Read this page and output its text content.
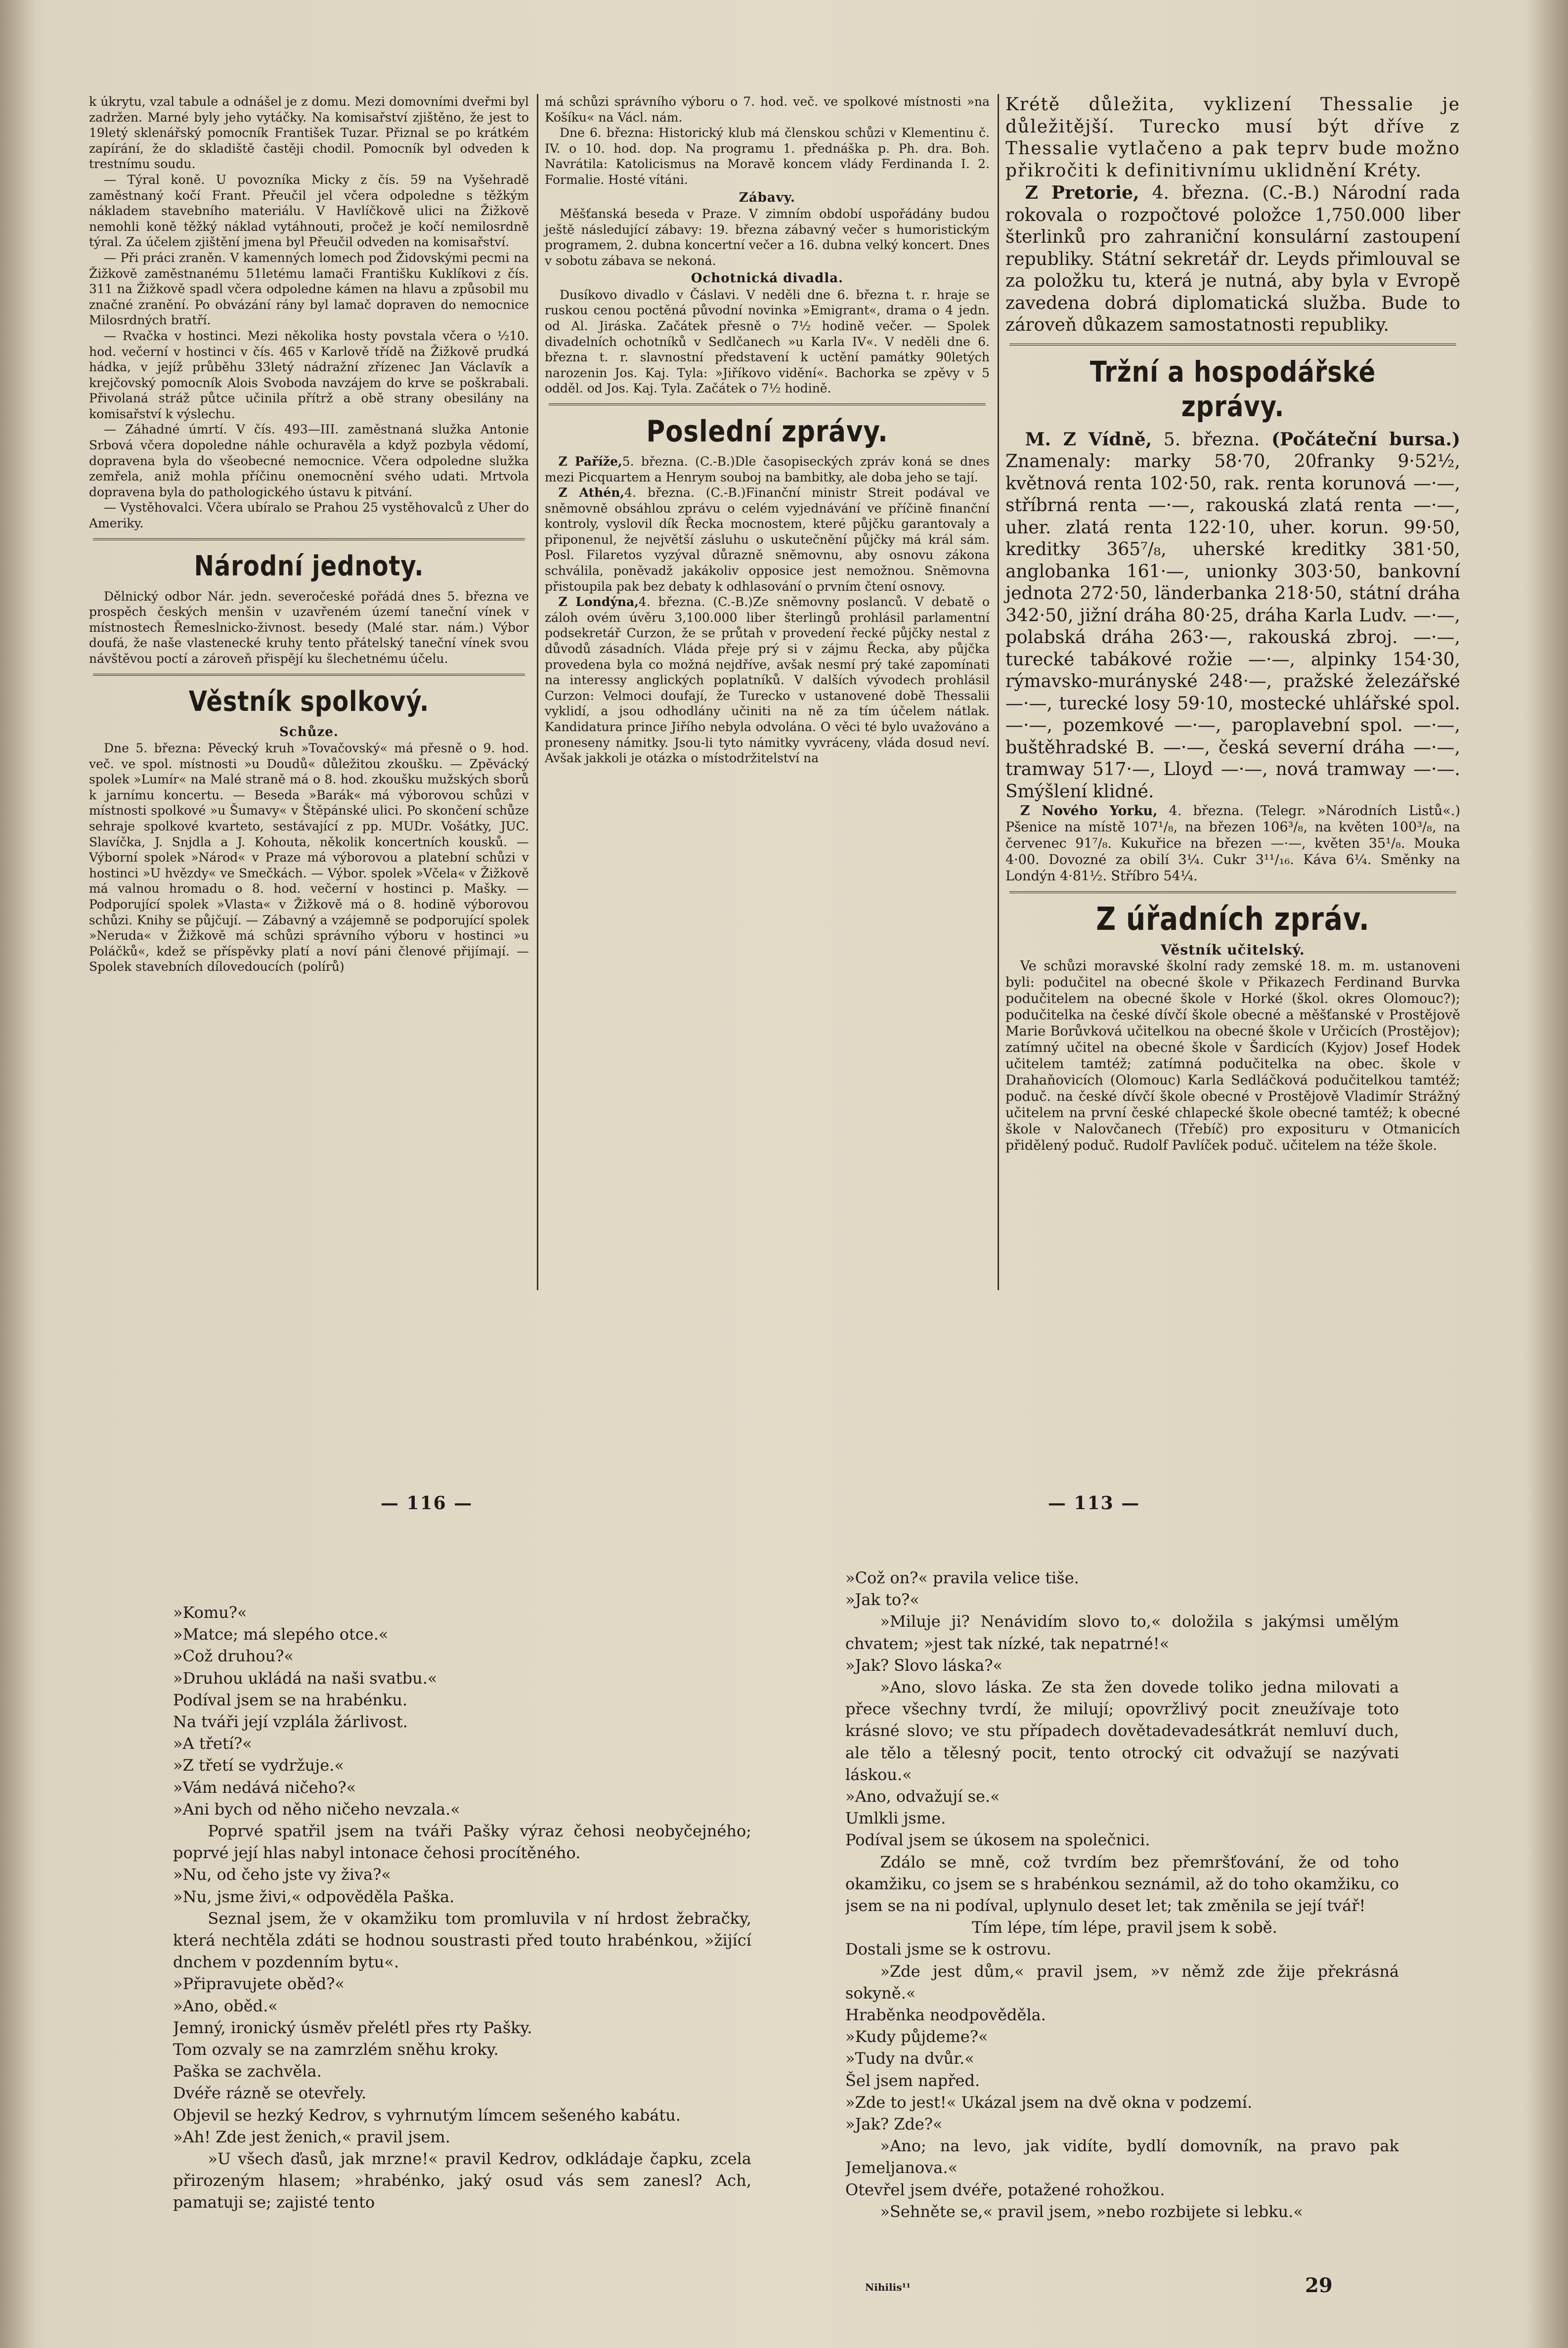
k úkrytu, vzal tabule a odnášel je z domu. Mezi domovními dveřmi byl zadržen. Marné byly jeho vytáčky. Na komisařství zjištěno, že jest to 19letý sklenářský pomocník František Tuzar. Přiznal se po krátkém zapírání, že do skladiště častěji chodil. Pomocník byl odveden k trestnímu soudu.

— Týral koně. U povozníka Micky z čís. 59 na Vyšehradě zaměstnaný kočí Frant. Přeučil jel včera odpoledne s těžkým nákladem stavebního materiálu. V Havlíčkově ulici na Žižkově nemohli koně těžký náklad vytáhnouti, pročež je kočí nemilosrdně týral. Za účelem zjištění jmena byl Přeučil odveden na komisařství.

— Při práci zraněn. V kamenných lomech pod Židovskými pecmi na Žižkově zaměstnanému 51letému lamači Františku Kuklíkovi z čís. 311 na Žižkově spadl včera odpoledne kámen na hlavu a způsobil mu značné zranění. Po obvázání rány byl lamač dopraven do nemocnice Milosrdných bratří.

— Rvačka v hostinci. Mezi několika hosty povstala včera o ½10. hod. večerní v hostinci v čís. 465 v Karlově třídě na Žižkově prudká hádka, v jejíž průběhu 33letý nádražní zřízenec Jan Václavík a krejčovský pomocník Alois Svoboda navzájem do krve se poškrabali. Přivolaná stráž půtce učinila přítrž a obě strany obesilány na komisařství k výslechu.

— Záhadné úmrtí. V čís. 493—III. zaměstnaná služka Antonie Srbová včera dopoledne náhle ochuravěla a když pozbyla vědomí, dopravena byla do všeobecné nemocnice. Včera odpoledne služka zemřela, aniž mohla příčinu onemocnění svého udati. Mrtvola dopravena byla do pathologického ústavu k pitvání.

— Vystěhovalci. Včera ubíralo se Prahou 25 vystěhovalců z Uher do Ameriky.

Národní jednoty.

Dělnický odbor Nár. jedn. severočeské pořádá dnes 5. března ve prospěch českých menšin v uzavřeném území taneční vínek v místnostech Řemeslnicko-živnost. besedy (Malé star. nám.) Výbor doufá, že naše vlastenecké kruhy tento přátelský taneční vínek svou návštěvou poctí a zároveň přispějí ku šlechetnému účelu.

Věstník spolkový.
Schůze.

Dne 5. března: Pěvecký kruh »Tovačovský« má přesně o 9. hod. več. ve spol. místnosti »u Doudů« důležitou zkoušku. — Zpěvácký spolek »Lumír« na Malé straně má o 8. hod. zkoušku mužských sborů k jarnímu koncertu. — Beseda »Barák« má výborovou schůzi v místnosti spolkové »u Šumavy« v Štěpánské ulici. Po skončení schůze sehraje spolkové kvarteto, sestávající z pp. MUDr. Vošátky, JUC. Slavíčka, J. Snjdla a J. Kohouta, několik koncertních kousků. — Výborní spolek »Národ« v Praze má výborovou a platební schůzi v hostinci »U hvězdy« ve Smečkách. — Výbor. spolek »Včela« v Žižkově má valnou hromadu o 8. hod. večerní v hostinci p. Mašky. — Podporující spolek »Vlasta« v Žižkově má o 8. hodině výborovou schůzi. Knihy se půjčují. — Zábavný a vzájemně se podporující spolek »Neruda« v Žižkově má schůzi správního výboru v hostinci »u Poláčků«, kdež se příspěvky platí a noví páni členové přijímají. — Spolek stavebních dílovedoucích (polírů)

má schůzi správního výboru o 7. hod. več. ve spolkové místnosti »na Košíku« na Václ. nám.

Dne 6. března: Historický klub má členskou schůzi v Klementinu č. IV. o 10. hod. dop. Na programu 1. přednáška p. Ph. dra. Boh. Navrátila: Katolicismus na Moravě koncem vlády Ferdinanda I. 2. Formalie. Hosté vítáni.

Zábavy.

Měšťanská beseda v Praze. V zimním období uspořádány budou ještě následující zábavy: 19. března zábavný večer s humoristickým programem, 2. dubna koncertní večer a 16. dubna velký koncert. Dnes v sobotu zábava se nekoná.

Ochotnická divadla.

Dusíkovo divadlo v Čáslavi. V neděli dne 6. března t. r. hraje se ruskou cenou poctěná původní novinka »Emigrant«, drama o 4 jedn. od Al. Jiráska. Začátek přesně o 7½ hodině večer. — Spolek divadelních ochotníků v Sedlčanech »u Karla IV«. V neděli dne 6. března t. r. slavnostní představení k uctění památky 90letých narozenin Jos. Kaj. Tyla: »Jiříkovo vidění«. Bachorka se zpěvy v 5 odděl. od Jos. Kaj. Tyla. Začátek o 7½ hodině.

Poslední zprávy.

Z Paříže,5. března. (C.-B.)Dle časopiseckých zpráv koná se dnes mezi Picquartem a Henrym souboj na bambitky, ale doba jeho se tají.

Z Athén,4. března. (C.-B.)Finanční ministr Streit podával ve sněmovně obsáhlou zprávu o celém vyjednávání ve příčině finanční kontroly, vyslovil dík Řecka mocnostem, které půjčku garantovaly a připonenul, že největší zásluhu o uskutečnění půjčky má král sám. Posl. Filaretos vyzýval důrazně sněmovnu, aby osnovu zákona schválila, poněvadž jakákoliv opposice jest nemožnou. Sněmovna přistoupila pak bez debaty k odhlasování o prvním čtení osnovy.

Z Londýna,4. března. (C.-B.)Ze sněmovny poslanců. V debatě o záloh ovém úvěru 3,100.000 liber šterlingů prohlásil parlamentní podsekretář Curzon, že se průtah v provedení řecké půjčky nestal z důvodů zásadních. Vláda přeje prý si v zájmu Řecka, aby půjčka provedena byla co možná nejdříve, avšak nesmí prý také zapomínati na interessy anglických poplatníků. V dalších vývodech prohlásil Curzon: Velmoci doufají, že Turecko v ustanovené době Thessalii vyklidí, a jsou odhodlány učiniti na ně za tím účelem nátlak. Kandidatura prince Jiřího nebyla odvolána. O věci té bylo uvažováno a proneseny námitky. Jsou-li tyto námitky vyvráceny, vláda dosud neví. Avšak jakkoli je otázka o místodržitelství na

Krétě důležita, vyklizení Thessalie je důležitější. Turecko musí být dříve z Thessalie vytlačeno a pak teprv bude možno přikročiti k definitivnímu uklidnění Kréty.

Z Pretorie, 4. března. (C.-B.) Národní rada rokovala o rozpočtové položce 1,750.000 liber šterlinků pro zahraniční konsulární zastoupení republiky. Státní sekretář dr. Leyds přimlouval se za položku tu, která je nutná, aby byla v Evropě zavedena dobrá diplomatická služba. Bude to zároveň důkazem samostatnosti republiky.

Tržní a hospodářské zprávy.

M. Z Vídně, 5. března. (Počáteční bursa.) Znamenaly: marky 58·70, 20franky 9·52½, květnová renta 102·50, rak. renta korunová —·—, stříbrná renta —·—, rakouská zlatá renta —·—, uher. zlatá renta 122·10, uher. korun. 99·50, kreditky 365⁷/₈, uherské kreditky 381·50, anglobanka 161·—, unionky 303·50, bankovní jednota 272·50, länderbanka 218·50, státní dráha 342·50, jižní dráha 80·25, dráha Karla Ludv. —·—, polabská dráha 263·—, rakouská zbroj. —·—, turecké tabákové rožie —·—, alpinky 154·30, rýmavsko-murányské 248·—, pražské železářské —·—, turecké losy 59·10, mostecké uhlářské spol. —·—, pozemkové —·—, paroplavební spol. —·—, buštěhradské B. —·—, česká severní dráha —·—, tramway 517·—, Lloyd —·—, nová tramway —·—. Smýšlení klidné.

Z Nového Yorku, 4. března. (Telegr. »Národních Listů«.) Pšenice na místě 107¹/₈, na březen 106³/₈, na květen 100³/₈, na červenec 91⁷/₈. Kukuřice na březen —·—, květen 35¹/₈. Mouka 4·00. Dovozné za obilí 3¼. Cukr 3¹¹/₁₆. Káva 6¼. Směnky na Londýn 4·81½. Stříbro 54¼.

Z úřadních zpráv.
Věstník učitelský.

Ve schůzi moravské školní rady zemské 18. m. m. ustanoveni byli: podučitel na obecné škole v Přikazech Ferdinand Burvka podučitelem na obecné škole v Horké (škol. okres Olomouc?); podučitelka na české dívčí škole obecné a měšťanské v Prostějově Marie Borůvková učitelkou na obecné škole v Určicích (Prostějov); zatímný učitel na obecné škole v Šardicích (Kyjov) Josef Hodek učitelem tamtéž; zatímná podučitelka na obec. škole v Drahaňovicích (Olomouc) Karla Sedláčková podučitelkou tamtéž; poduč. na české dívčí škole obecné v Prostějově Vladimír Strážný učitelem na první české chlapecké škole obecné tamtéž; k obecné škole v Nalovčanech (Třebíč) pro exposituru v Otmanicích přidělený poduč. Rudolf Pavlíček poduč. učitelem na téže škole.

— 116 —	— 113 —

»Komu?«

»Matce; má slepého otce.«

»Což druhou?«

»Druhou ukládá na naši svatbu.«

Podíval jsem se na hrabénku.

Na tváři její vzplála žárlivost.

»A třetí?«

»Z třetí se vydržuje.«

»Vám nedává ničeho?«

»Ani bych od něho ničeho nevzala.«

Poprvé spatřil jsem na tváři Pašky výraz čehosi neobyčejného; poprvé její hlas nabyl intonace čehosi procítěného.

»Nu, od čeho jste vy živa?«

»Nu, jsme živi,« odpověděla Paška.

Seznal jsem, že v okamžiku tom promluvila v ní hrdost žebračky, která nechtěla zdáti se hodnou soustrasti před touto hrabénkou, »žijící dnchem v pozdenním bytu«.

»Připravujete oběd?«

»Ano, oběd.«

Jemný, ironický úsměv přelétl přes rty Pašky.

Tom ozvaly se na zamrzlém sněhu kroky.

Paška se zachvěla.

Dvéře rázně se otevřely.

Objevil se hezký Kedrov, s vyhrnutým límcem sešeného kabátu.

»Ah! Zde jest ženich,« pravil jsem.

»U všech ďasů, jak mrzne!« pravil Kedrov, odkládaje čapku, zcela přirozeným hlasem; »hrabénko, jaký osud vás sem zanesl? Ach, pamatuji se; zajisté tento

»Což on?« pravila velice tiše.

»Jak to?«

»Miluje ji? Nenávidím slovo to,« doložila s jakýmsi umělým chvatem; »jest tak nízké, tak nepatrné!«

»Jak? Slovo láska?«

»Ano, slovo láska. Ze sta žen dovede toliko jedna milovati a přece všechny tvrdí, že milují; opovržlivý pocit zneužívaje toto krásné slovo; ve stu případech dovětadevadesátkrát nemluví duch, ale tělo a tělesný pocit, tento otrocký cit odvažují se nazývati láskou.«

»Ano, odvažují se.«

Umlkli jsme.

Podíval jsem se úkosem na společnici.

Zdálo se mně, což tvrdím bez přemršťování, že od toho okamžiku, co jsem se s hrabénkou seznámil, až do toho okamžiku, co jsem se na ni podíval, uplynulo deset let; tak změnila se její tvář!

Tím lépe, tím lépe, pravil jsem k sobě.

Dostali jsme se k ostrovu.

»Zde jest dům,« pravil jsem, »v němž zde žije překrásná sokyně.«

Hraběnka neodpověděla.

»Kudy půjdeme?«

»Tudy na dvůr.«

Šel jsem napřed.

»Zde to jest!« Ukázal jsem na dvě okna v podzemí.

»Jak? Zde?«

»Ano; na levo, jak vidíte, bydlí domovník, na pravo pak Jemeljanova.«

Otevřel jsem dvéře, potažené rohožkou.

»Sehněte se,« pravil jsem, »nebo rozbijete si lebku.«

29
Nihilis¹¹
